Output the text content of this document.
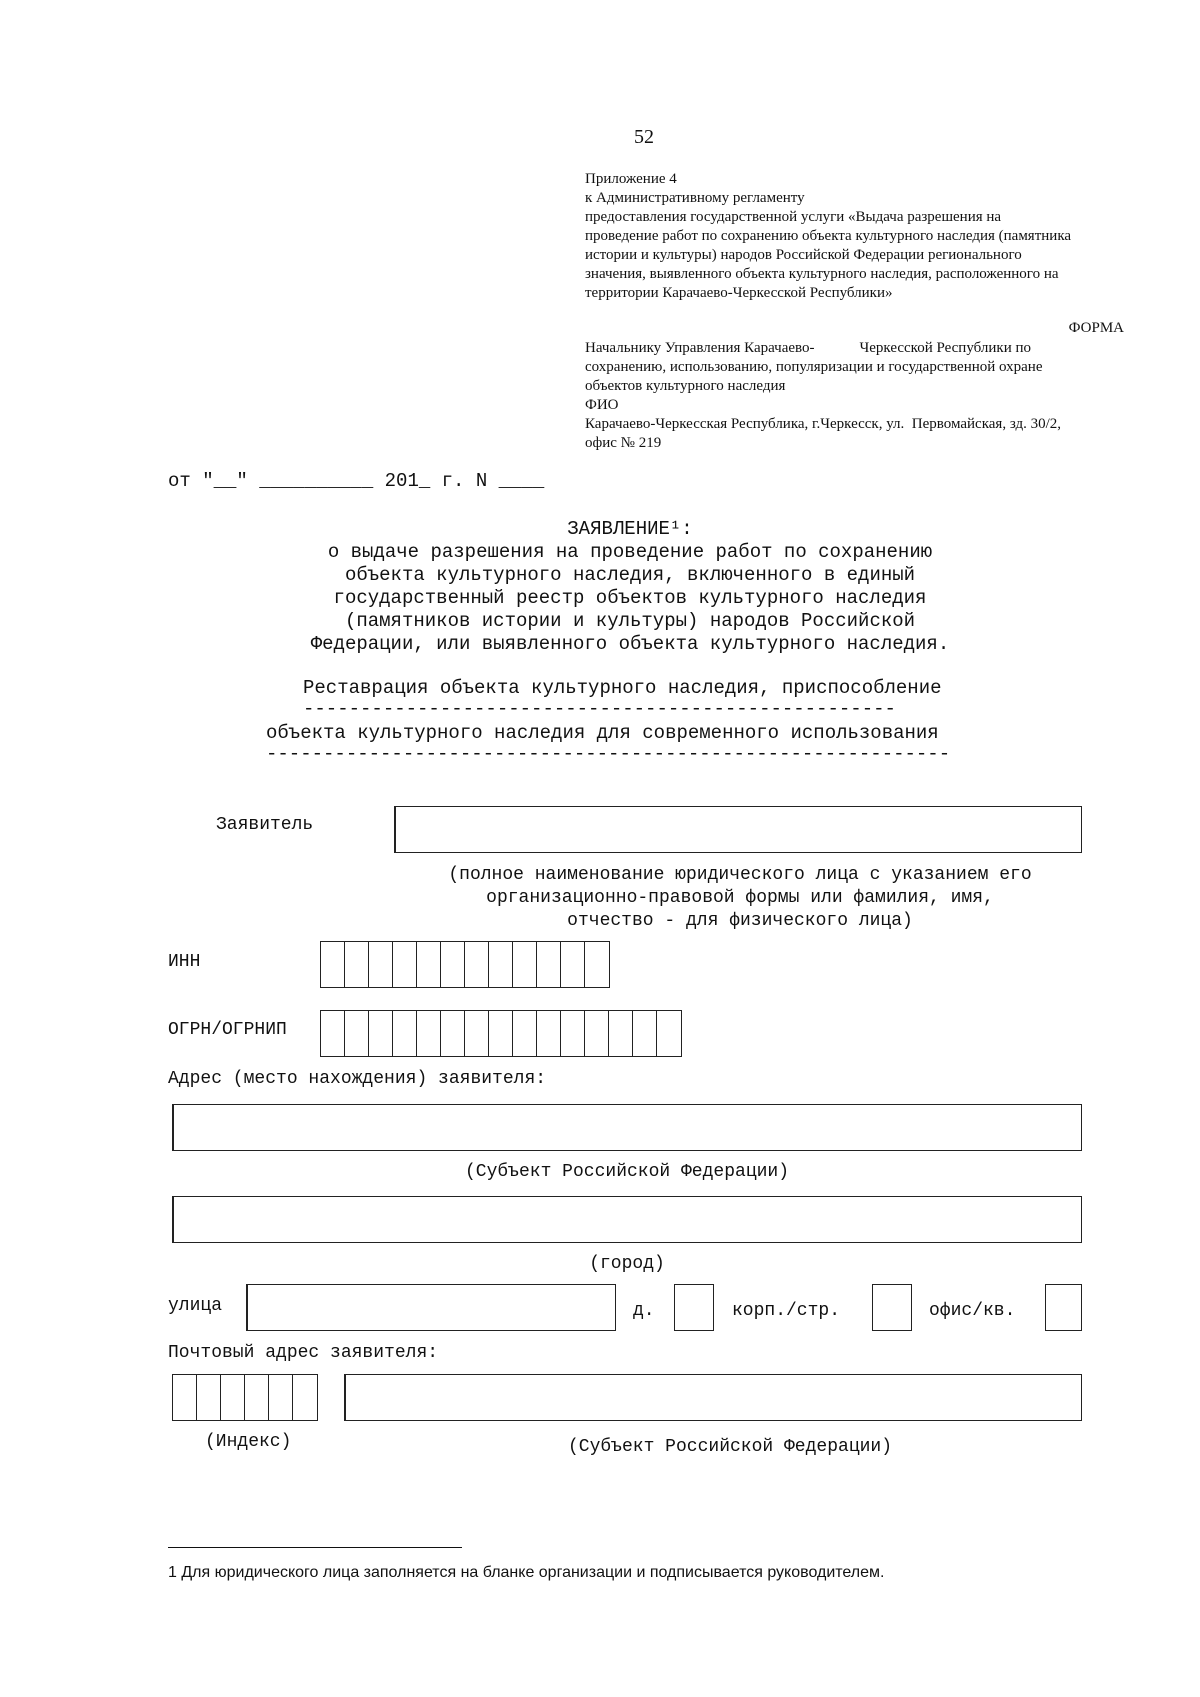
52
Приложение 4
к Административному регламенту
предоставления государственной услуги «Выдача разрешения на
проведение работ по сохранению объекта культурного наследия (памятника
истории и культуры) народов Российской Федерации регионального
значения, выявленного объекта культурного наследия, расположенного на
территории Карачаево-Черкесской Республики»
ФОРМА
Начальнику Управления Карачаево-            Черкесской Республики по
сохранению, использованию, популяризации и государственной охране
объектов культурного наследия
ФИО
Карачаево-Черкесская Республика, г.Черкесск, ул.  Первомайская, зд. 30/2,
офис № 219
от "__" __________ 201_ г. N ____
ЗАЯВЛЕНИЕ¹:
о выдаче разрешения на проведение работ по сохранению
объекта культурного наследия, включенного в единый
государственный реестр объектов культурного наследия
(памятников истории и культуры) народов Российской
Федерации, или выявленного объекта культурного наследия.
Реставрация объекта культурного наследия, приспособление
----------------------------------------------------
объекта культурного наследия для современного использования
------------------------------------------------------------
Заявитель
(полное наименование юридического лица с указанием его
организационно-правовой формы или фамилия, имя,
отчество - для физического лица)
ИНН
ОГРН/ОГРНИП
Адрес (место нахождения) заявителя:
(Субъект Российской Федерации)
(город)
улица	д.	корп./стр.	офис/кв.
Почтовый адрес заявителя:
(Индекс)	(Субъект Российской Федерации)
1 Для юридического лица заполняется на бланке организации и подписывается руководителем.
